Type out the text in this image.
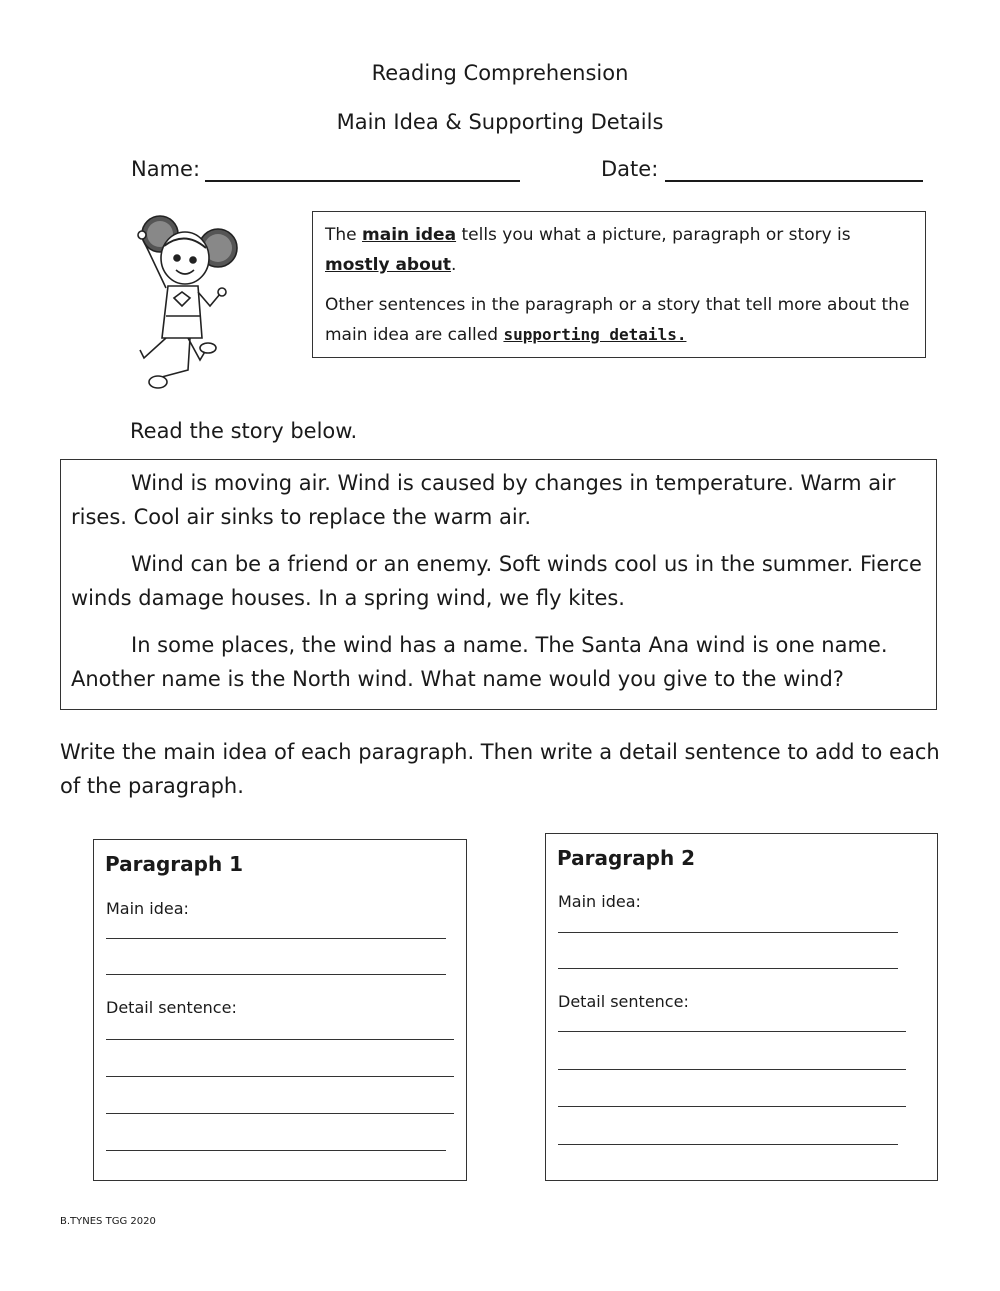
Reading Comprehension
Main Idea & Supporting Details
Name:	Date:

The main idea tells you what a picture, paragraph or story is mostly about.

Other sentences in the paragraph or a story that tell more about the main idea are called supporting details.

Read the story below.

Wind is moving air. Wind is caused by changes in temperature. Warm air rises. Cool air sinks to replace the warm air.

Wind can be a friend or an enemy. Soft winds cool us in the summer. Fierce winds damage houses. In a spring wind, we fly kites.

In some places, the wind has a name. The Santa Ana wind is one name. Another name is the North wind. What name would you give to the wind?

Write the main idea of each paragraph. Then write a detail sentence to add to each of the paragraph.
Paragraph 1
Main idea:
Detail sentence:
Paragraph 2
Main idea:
Detail sentence:
B.TYNES TGG 2020
